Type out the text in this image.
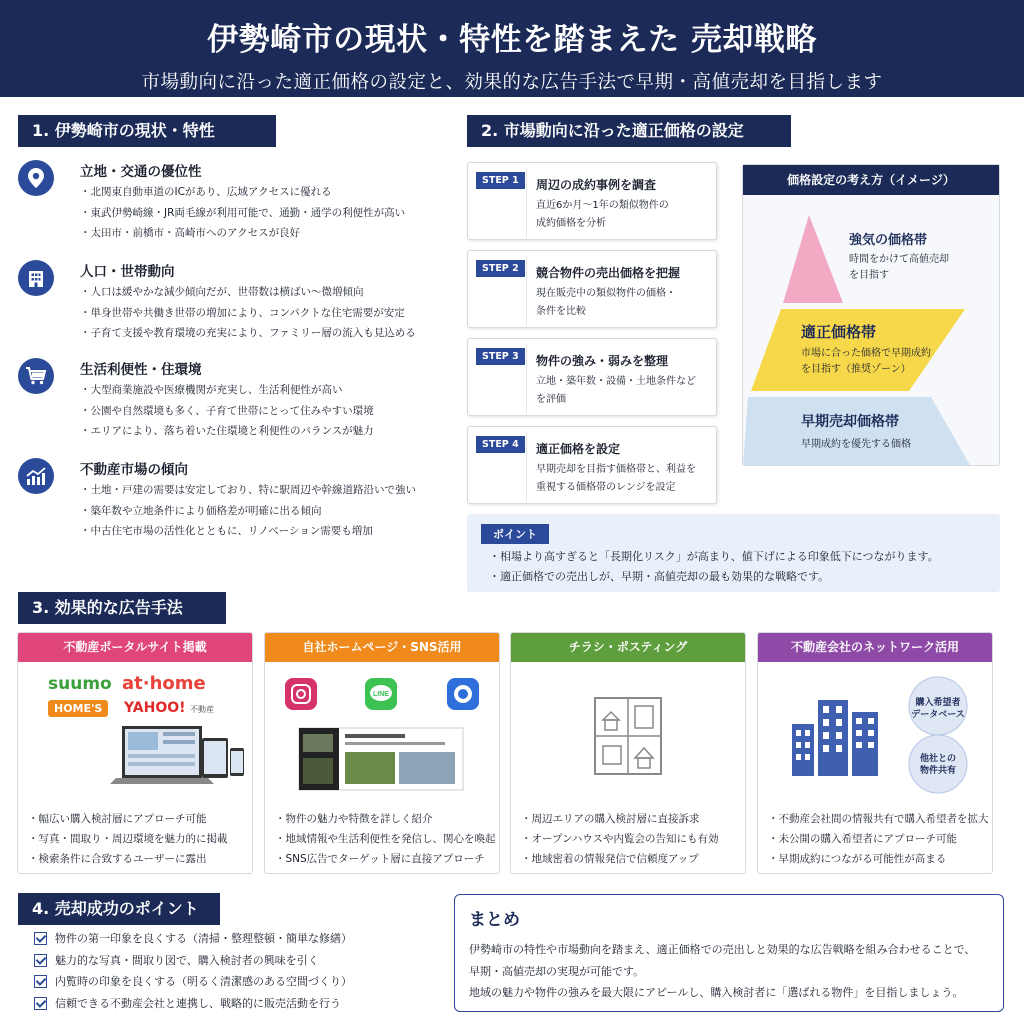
伊勢崎市の現状・特性を踏まえた 売却戦略
市場動向に沿った適正価格の設定と、効果的な広告手法で早期・高値売却を目指します
1. 伊勢崎市の現状・特性
立地・交通の優位性
・北関東自動車道のICがあり、広域アクセスに優れる
・東武伊勢崎線・JR両毛線が利用可能で、通勤・通学の利便性が高い
・太田市・前橋市・高崎市へのアクセスが良好
人口・世帯動向
・人口は緩やかな減少傾向だが、世帯数は横ばい〜微増傾向
・単身世帯や共働き世帯の増加により、コンパクトな住宅需要が安定
・子育て支援や教育環境の充実により、ファミリー層の流入も見込める
生活利便性・住環境
・大型商業施設や医療機関が充実し、生活利便性が高い
・公園や自然環境も多く、子育て世帯にとって住みやすい環境
・エリアにより、落ち着いた住環境と利便性のバランスが魅力
不動産市場の傾向
・土地・戸建の需要は安定しており、特に駅周辺や幹線道路沿いで強い
・築年数や立地条件により価格差が明確に出る傾向
・中古住宅市場の活性化とともに、リノベーション需要も増加
2. 市場動向に沿った適正価格の設定
STEP 1	周辺の成約事例を調査
直近6か月〜1年の類似物件の
成約価格を分析
STEP 2	競合物件の売出価格を把握
現在販売中の類似物件の価格・
条件を比較
STEP 3	物件の強み・弱みを整理
立地・築年数・設備・土地条件など
を評価
STEP 4	適正価格を設定
早期売却を目指す価格帯と、利益を
重視する価格帯のレンジを設定
価格設定の考え方（イメージ）
強気の価格帯
時間をかけて高値売却
を目指す
適正価格帯
市場に合った価格で早期成約
を目指す（推奨ゾーン）
早期売却価格帯
早期成約を優先する価格
ポイント
・相場より高すぎると「長期化リスク」が高まり、値下げによる印象低下につながります。
・適正価格での売出しが、早期・高値売却の最も効果的な戦略です。
3. 効果的な広告手法
不動産ポータルサイト掲載
suumo at·home
HOME'S	YAHOO! 不動産
・幅広い購入検討層にアプローチ可能
・写真・間取り・周辺環境を魅力的に掲載
・検索条件に合致するユーザーに露出
自社ホームページ・SNS活用
LINE
・物件の魅力や特徴を詳しく紹介
・地域情報や生活利便性を発信し、関心を喚起
・SNS広告でターゲット層に直接アプローチ
チラシ・ポスティング
・周辺エリアの購入検討層に直接訴求
・オープンハウスや内覧会の告知にも有効
・地域密着の情報発信で信頼度アップ
不動産会社のネットワーク活用
購入希望者
データベース
他社との
物件共有
・不動産会社間の情報共有で購入希望者を拡大
・未公開の購入希望者にアプローチ可能
・早期成約につながる可能性が高まる
4. 売却成功のポイント
物件の第一印象を良くする（清掃・整理整頓・簡単な修繕）
魅力的な写真・間取り図で、購入検討者の興味を引く
内覧時の印象を良くする（明るく清潔感のある空間づくり）
信頼できる不動産会社と連携し、戦略的に販売活動を行う
まとめ
伊勢崎市の特性や市場動向を踏まえ、適正価格での売出しと効果的な広告戦略を組み合わせることで、
早期・高値売却の実現が可能です。
地域の魅力や物件の強みを最大限にアピールし、購入検討者に「選ばれる物件」を目指しましょう。
